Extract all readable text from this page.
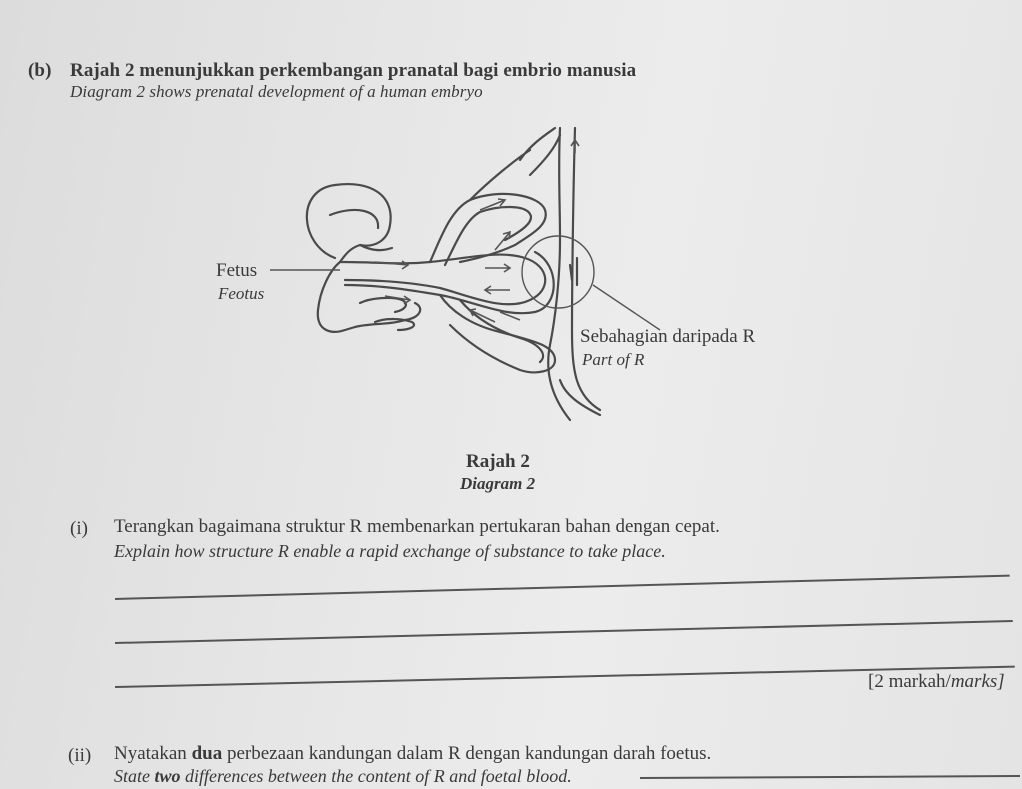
(b) Rajah 2 menunjukkan perkembangan pranatal bagi embrio manusia
Diagram 2 shows prenatal development of a human embryo
Fetus
Feotus
Sebahagian daripada R
Part of R
Rajah 2
Diagram 2
(i) Terangkan bagaimana struktur R membenarkan pertukaran bahan dengan cepat.
Explain how structure R enable a rapid exchange of substance to take place.
[2 markah/marks]
(ii) Nyatakan dua perbezaan kandungan dalam R dengan kandungan darah foetus.
State two differences between the content of R and foetal blood.
